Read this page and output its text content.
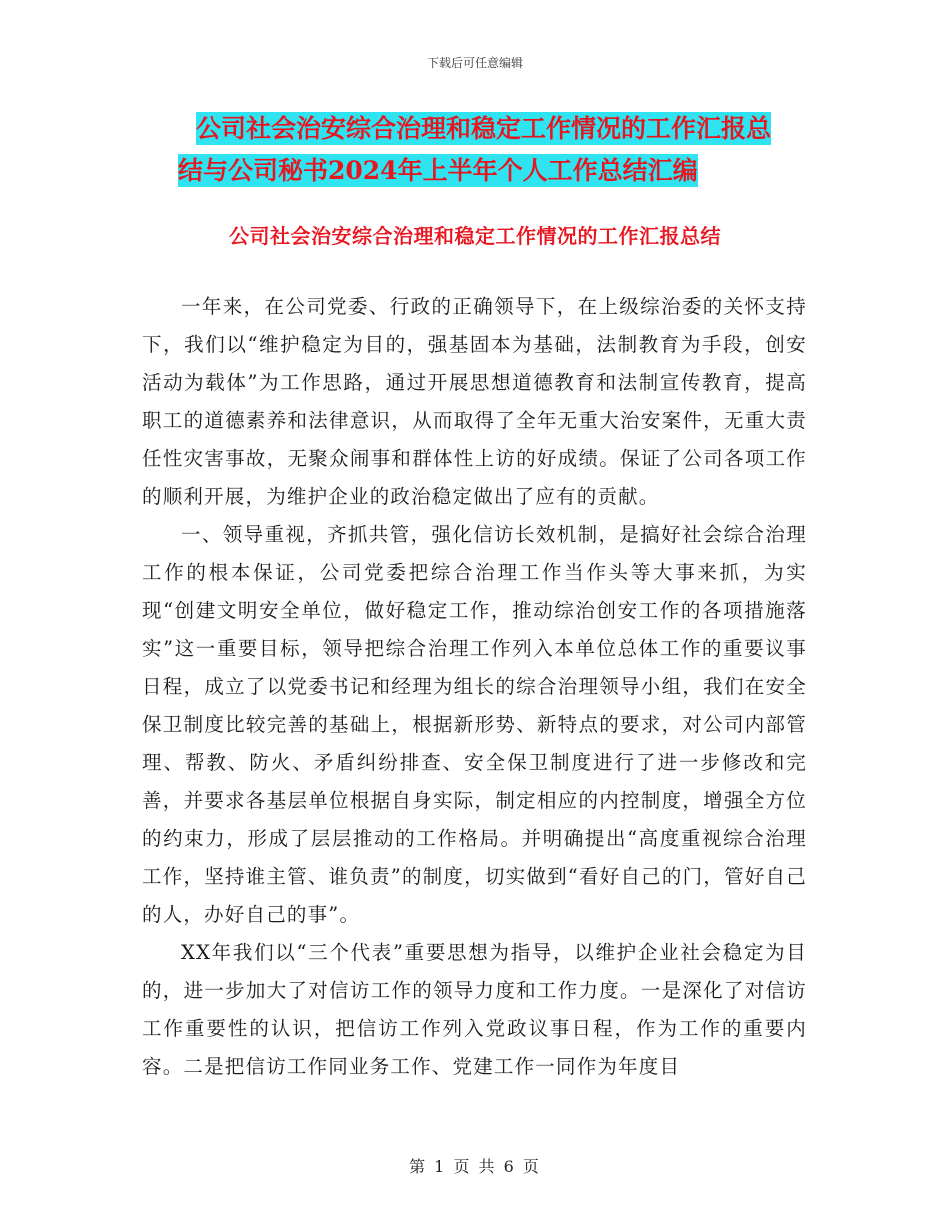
下载后可任意编辑
公司社会治安综合治理和稳定工作情况的工作汇报总
结与公司秘书2024年上半年个人工作总结汇编
公司社会治安综合治理和稳定工作情况的工作汇报总结

一年来，在公司党委、行政的正确领导下，在上级综治委的关怀支持下，我们以“维护稳定为目的，强基固本为基础，法制教育为手段，创安活动为载体”为工作思路，通过开展思想道德教育和法制宣传教育，提高职工的道德素养和法律意识，从而取得了全年无重大治安案件，无重大责任性灾害事故，无聚众闹事和群体性上访的好成绩。保证了公司各项工作的顺利开展，为维护企业的政治稳定做出了应有的贡献。

一、领导重视，齐抓共管，强化信访长效机制，是搞好社会综合治理工作的根本保证，公司党委把综合治理工作当作头等大事来抓，为实现“创建文明安全单位，做好稳定工作，推动综治创安工作的各项措施落实”这一重要目标，领导把综合治理工作列入本单位总体工作的重要议事日程，成立了以党委书记和经理为组长的综合治理领导小组，我们在安全保卫制度比较完善的基础上，根据新形势、新特点的要求，对公司内部管理、帮教、防火、矛盾纠纷排查、安全保卫制度进行了进一步修改和完善，并要求各基层单位根据自身实际，制定相应的内控制度，增强全方位的约束力，形成了层层推动的工作格局。并明确提出“高度重视综合治理工作，坚持谁主管、谁负责”的制度，切实做到“看好自己的门，管好自己的人，办好自己的事”。

XX年我们以“三个代表”重要思想为指导，以维护企业社会稳定为目的，进一步加大了对信访工作的领导力度和工作力度。一是深化了对信访工作重要性的认识，把信访工作列入党政议事日程，作为工作的重要内容。二是把信访工作同业务工作、党建工作一同作为年度目

第 1 页 共 6 页
